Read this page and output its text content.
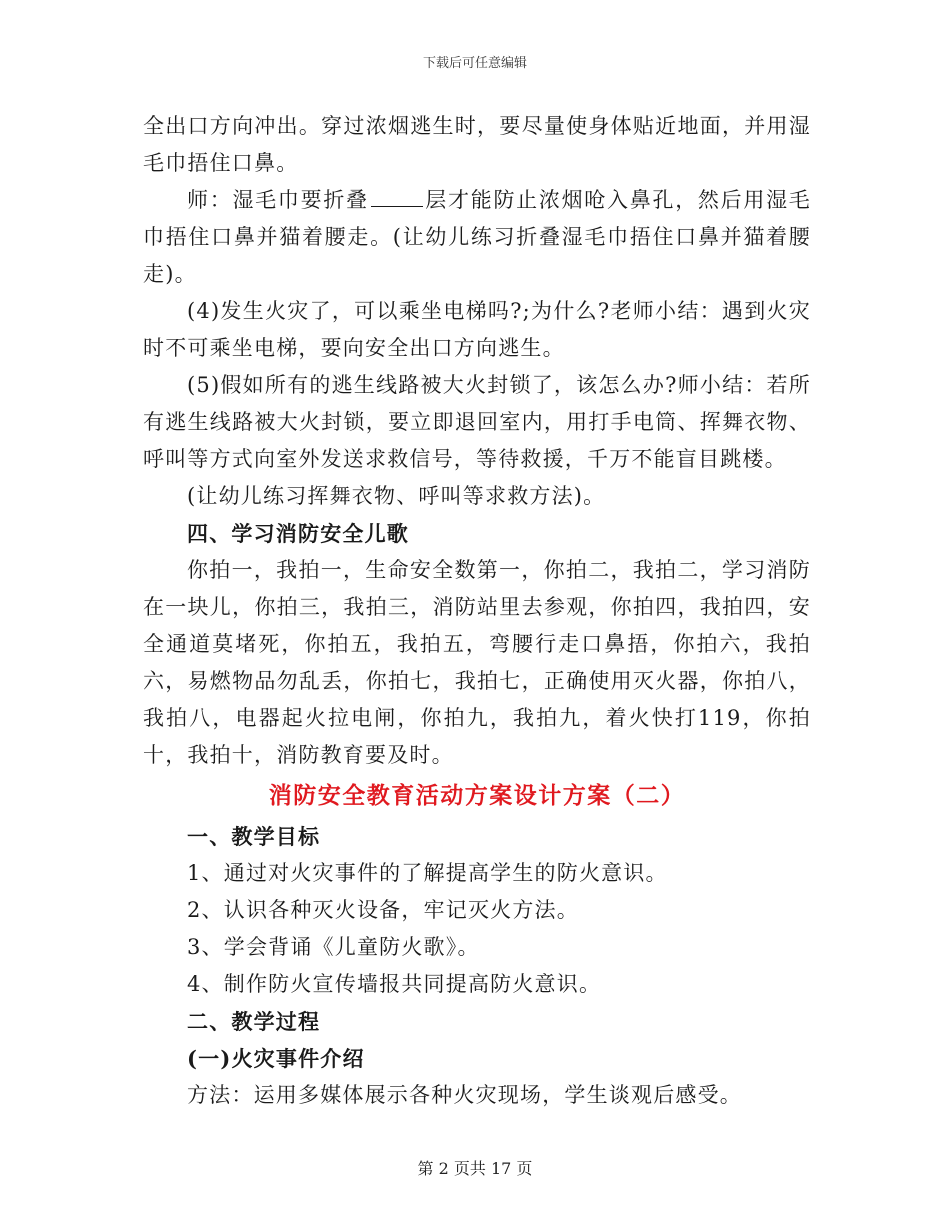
下载后可任意编辑

全出口方向冲出。穿过浓烟逃生时，要尽量使身体贴近地面，并用湿毛巾捂住口鼻。

师：湿毛巾要折叠	层才能防止浓烟呛入鼻孔，然后用湿毛巾捂住口鼻并猫着腰走。(让幼儿练习折叠湿毛巾捂住口鼻并猫着腰走)。

(4)发生火灾了，可以乘坐电梯吗?;为什么?老师小结：遇到火灾时不可乘坐电梯，要向安全出口方向逃生。

(5)假如所有的逃生线路被大火封锁了，该怎么办?师小结：若所有逃生线路被大火封锁，要立即退回室内，用打手电筒、挥舞衣物、呼叫等方式向室外发送求救信号，等待救援，千万不能盲目跳楼。

(让幼儿练习挥舞衣物、呼叫等求救方法)。

四、学习消防安全儿歌

你拍一，我拍一，生命安全数第一，你拍二，我拍二，学习消防在一块儿，你拍三，我拍三，消防站里去参观，你拍四，我拍四，安全通道莫堵死，你拍五，我拍五，弯腰行走口鼻捂，你拍六，我拍六，易燃物品勿乱丢，你拍七，我拍七，正确使用灭火器，你拍八，我拍八，电器起火拉电闸，你拍九，我拍九，着火快打119，你拍十，我拍十，消防教育要及时。

消防安全教育活动方案设计方案（二）

一、教学目标

1、通过对火灾事件的了解提高学生的防火意识。

2、认识各种灭火设备，牢记灭火方法。

3、学会背诵《儿童防火歌》。

4、制作防火宣传墙报共同提高防火意识。

二、教学过程

(一)火灾事件介绍

方法：运用多媒体展示各种火灾现场，学生谈观后感受。

第 2 页共 17 页
